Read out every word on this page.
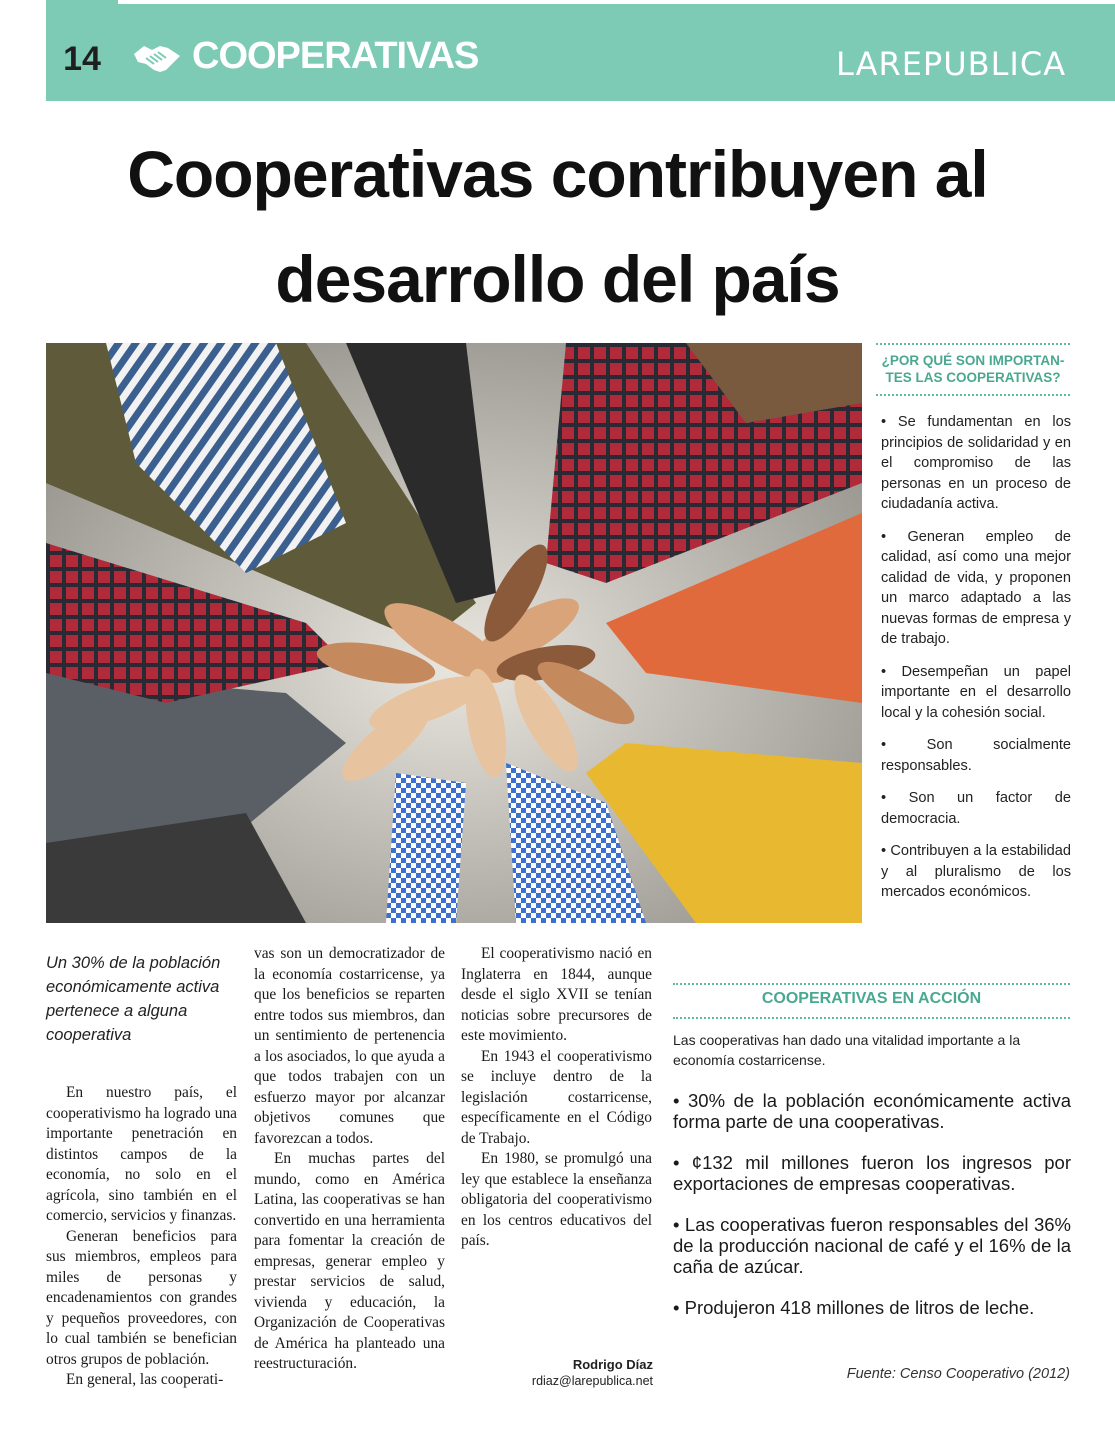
14	COOPERATIVAS	LAREPUBLICA
Cooperativas contribuyen al
desarrollo del país
¿POR QUÉ SON IMPORTAN-
TES LAS COOPERATIVAS?

• Se fundamentan en los principios de solidaridad y en el compromiso de las personas en un proceso de ciudadanía activa.

• Generan empleo de calidad, así como una mejor calidad de vida, y proponen un marco adaptado a las nuevas formas de empresa y de trabajo.

• Desempeñan un papel importante en el desarrollo local y la cohesión social.

• Son socialmente responsables.

• Son un factor de democracia.

• Contribuyen a la estabilidad y al pluralismo de los mercados económicos.

Un 30% de la población económicamente activa pertenece a alguna cooperativa

En nuestro país, el cooperativismo ha logrado una importante penetración en distintos campos de la economía, no solo en el agrícola, sino también en el comercio, servicios y finanzas.

Generan beneficios para sus miembros, empleos para miles de personas y encadenamientos con grandes y pequeños proveedores, con lo cual también se benefician otros grupos de población.

En general, las cooperati-

vas son un democratizador de la economía costarricense, ya que los beneficios se reparten entre todos sus miembros, dan un sentimiento de pertenencia a los asociados, lo que ayuda a que todos trabajen con un esfuerzo mayor por alcanzar objetivos comunes que favorezcan a todos.

En muchas partes del mundo, como en América Latina, las cooperativas se han convertido en una herramienta para fomentar la creación de empresas, generar empleo y prestar servicios de salud, vivienda y educación, la Organización de Cooperativas de América ha planteado una reestructuración.

El cooperativismo nació en Inglaterra en 1844, aunque desde el siglo XVII se tenían noticias sobre precursores de este movimiento.

En 1943 el cooperativismo se incluye dentro de la legislación costarricense, específicamente en el Código de Trabajo.

En 1980, se promulgó una ley que establece la enseñanza obligatoria del cooperativismo en los centros educativos del país.

Rodrigo Díaz
rdiaz@larepublica.net
COOPERATIVAS EN ACCIÓN
Las cooperativas han dado una vitalidad importante a la economía costarricense.

• 30% de la población económicamente activa forma parte de una cooperativas.

• ¢132 mil millones fueron los ingresos por exportaciones de empresas cooperativas.

• Las cooperativas fueron responsables del 36% de la producción nacional de café y el 16% de la caña de azúcar.

• Produjeron 418 millones de litros de leche.

Fuente: Censo Cooperativo (2012)
